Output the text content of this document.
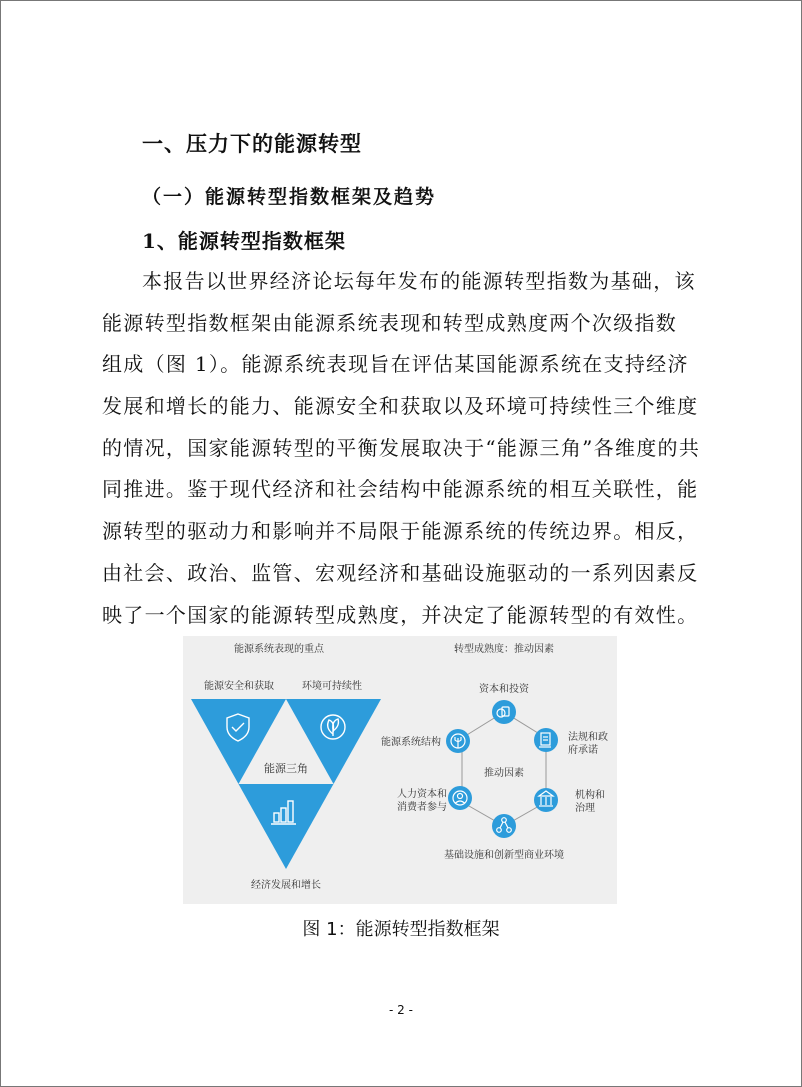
一、压力下的能源转型
（一）能源转型指数框架及趋势
1、能源转型指数框架
本报告以世界经济论坛每年发布的能源转型指数为基础，该
能源转型指数框架由能源系统表现和转型成熟度两个次级指数
组成（图 1）。能源系统表现旨在评估某国能源系统在支持经济
发展和增长的能力、能源安全和获取以及环境可持续性三个维度
的情况，国家能源转型的平衡发展取决于“能源三角”各维度的共
同推进。鉴于现代经济和社会结构中能源系统的相互关联性，能
源转型的驱动力和影响并不局限于能源系统的传统边界。相反，
由社会、政治、监管、宏观经济和基础设施驱动的一系列因素反
映了一个国家的能源转型成熟度，并决定了能源转型的有效性。
能源系统表现的重点	转型成熟度：推动因素
能源安全和获取	环境可持续性
能源三角
经济发展和增长
推动因素
资本和投资
法规和政
府承诺
机构和
治理
基础设施和创新型商业环境
人力资本和
消费者参与
能源系统结构
图 1：能源转型指数框架
- 2 -
